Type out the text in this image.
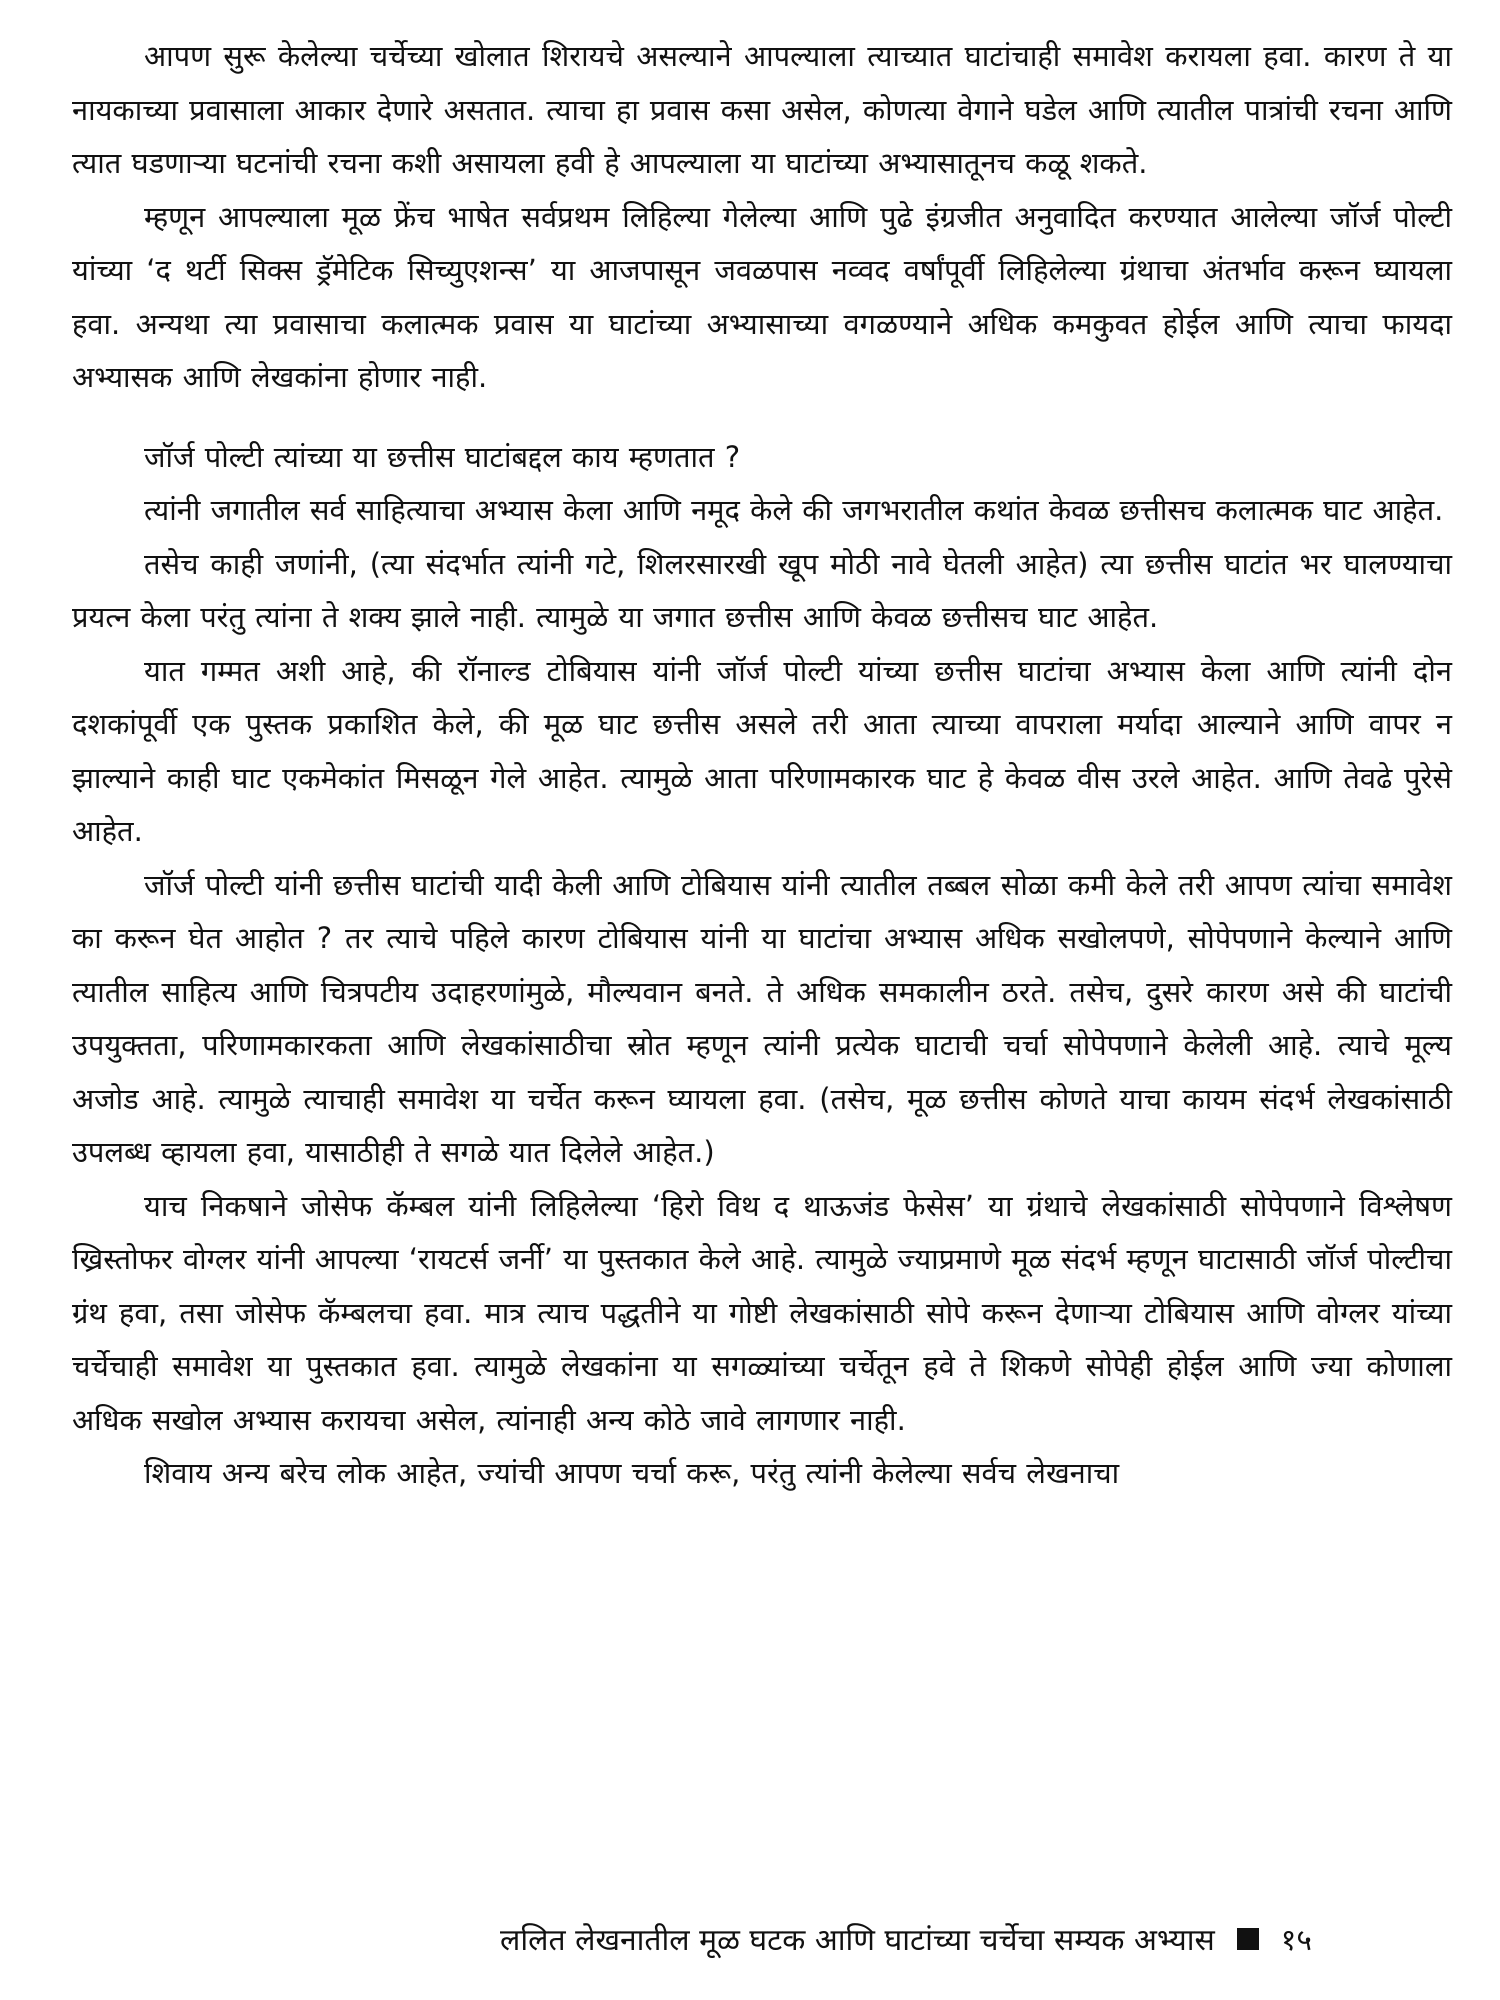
आपण सुरू केलेल्या चर्चेच्या खोलात शिरायचे असल्याने आपल्याला त्याच्यात घाटांचाही समावेश करायला हवा. कारण ते या नायकाच्या प्रवासाला आकार देणारे असतात. त्याचा हा प्रवास कसा असेल, कोणत्या वेगाने घडेल आणि त्यातील पात्रांची रचना आणि त्यात घडणाऱ्या घटनांची रचना कशी असायला हवी हे आपल्याला या घाटांच्या अभ्यासातूनच कळू शकते.

म्हणून आपल्याला मूळ फ्रेंच भाषेत सर्वप्रथम लिहिल्या गेलेल्या आणि पुढे इंग्रजीत अनुवादित करण्यात आलेल्या जॉर्ज पोल्टी यांच्या ‘द थर्टी सिक्स ड्रॅमेटिक सिच्युएशन्स’ या आजपासून जवळपास नव्वद वर्षांपूर्वी लिहिलेल्या ग्रंथाचा अंतर्भाव करून घ्यायला हवा. अन्यथा त्या प्रवासाचा कलात्मक प्रवास या घाटांच्या अभ्यासाच्या वगळण्याने अधिक कमकुवत होईल आणि त्याचा फायदा अभ्यासक आणि लेखकांना होणार नाही.

जॉर्ज पोल्टी त्यांच्या या छत्तीस घाटांबद्दल काय म्हणतात ?

त्यांनी जगातील सर्व साहित्याचा अभ्यास केला आणि नमूद केले की जगभरातील कथांत केवळ छत्तीसच कलात्मक घाट आहेत.

तसेच काही जणांनी, (त्या संदर्भात त्यांनी गटे, शिलरसारखी खूप मोठी नावे घेतली आहेत) त्या छत्तीस घाटांत भर घालण्याचा प्रयत्न केला परंतु त्यांना ते शक्य झाले नाही. त्यामुळे या जगात छत्तीस आणि केवळ छत्तीसच घाट आहेत.

यात गम्मत अशी आहे, की रॉनाल्ड टोबियास यांनी जॉर्ज पोल्टी यांच्या छत्तीस घाटांचा अभ्यास केला आणि त्यांनी दोन दशकांपूर्वी एक पुस्तक प्रकाशित केले, की मूळ घाट छत्तीस असले तरी आता त्याच्या वापराला मर्यादा आल्याने आणि वापर न झाल्याने काही घाट एकमेकांत मिसळून गेले आहेत. त्यामुळे आता परिणामकारक घाट हे केवळ वीस उरले आहेत. आणि तेवढे पुरेसे आहेत.

जॉर्ज पोल्टी यांनी छत्तीस घाटांची यादी केली आणि टोबियास यांनी त्यातील तब्बल सोळा कमी केले तरी आपण त्यांचा समावेश का करून घेत आहोत ? तर त्याचे पहिले कारण टोबियास यांनी या घाटांचा अभ्यास अधिक सखोलपणे, सोपेपणाने केल्याने आणि त्यातील साहित्य आणि चित्रपटीय उदाहरणांमुळे, मौल्यवान बनते. ते अधिक समकालीन ठरते. तसेच, दुसरे कारण असे की घाटांची उपयुक्तता, परिणामकारकता आणि लेखकांसाठीचा स्रोत म्हणून त्यांनी प्रत्येक घाटाची चर्चा सोपेपणाने केलेली आहे. त्याचे मूल्य अजोड आहे. त्यामुळे त्याचाही समावेश या चर्चेत करून घ्यायला हवा. (तसेच, मूळ छत्तीस कोणते याचा कायम संदर्भ लेखकांसाठी उपलब्ध व्हायला हवा, यासाठीही ते सगळे यात दिलेले आहेत.)

याच निकषाने जोसेफ कॅम्बल यांनी लिहिलेल्या ‘हिरो विथ द थाऊजंड फेसेस’ या ग्रंथाचे लेखकांसाठी सोपेपणाने विश्लेषण ख्रिस्तोफर वोग्लर यांनी आपल्या ‘रायटर्स जर्नी’ या पुस्तकात केले आहे. त्यामुळे ज्याप्रमाणे मूळ संदर्भ म्हणून घाटासाठी जॉर्ज पोल्टीचा ग्रंथ हवा, तसा जोसेफ कॅम्बलचा हवा. मात्र त्याच पद्धतीने या गोष्टी लेखकांसाठी सोपे करून देणाऱ्या टोबियास आणि वोग्लर यांच्या चर्चेचाही समावेश या पुस्तकात हवा. त्यामुळे लेखकांना या सगळ्यांच्या चर्चेतून हवे ते शिकणे सोपेही होईल आणि ज्या कोणाला अधिक सखोल अभ्यास करायचा असेल, त्यांनाही अन्य कोठे जावे लागणार नाही.

शिवाय अन्य बरेच लोक आहेत, ज्यांची आपण चर्चा करू, परंतु त्यांनी केलेल्या सर्वच लेखनाचा

ललित लेखनातील मूळ घटक आणि घाटांच्या चर्चेचा सम्यक अभ्यास १५
